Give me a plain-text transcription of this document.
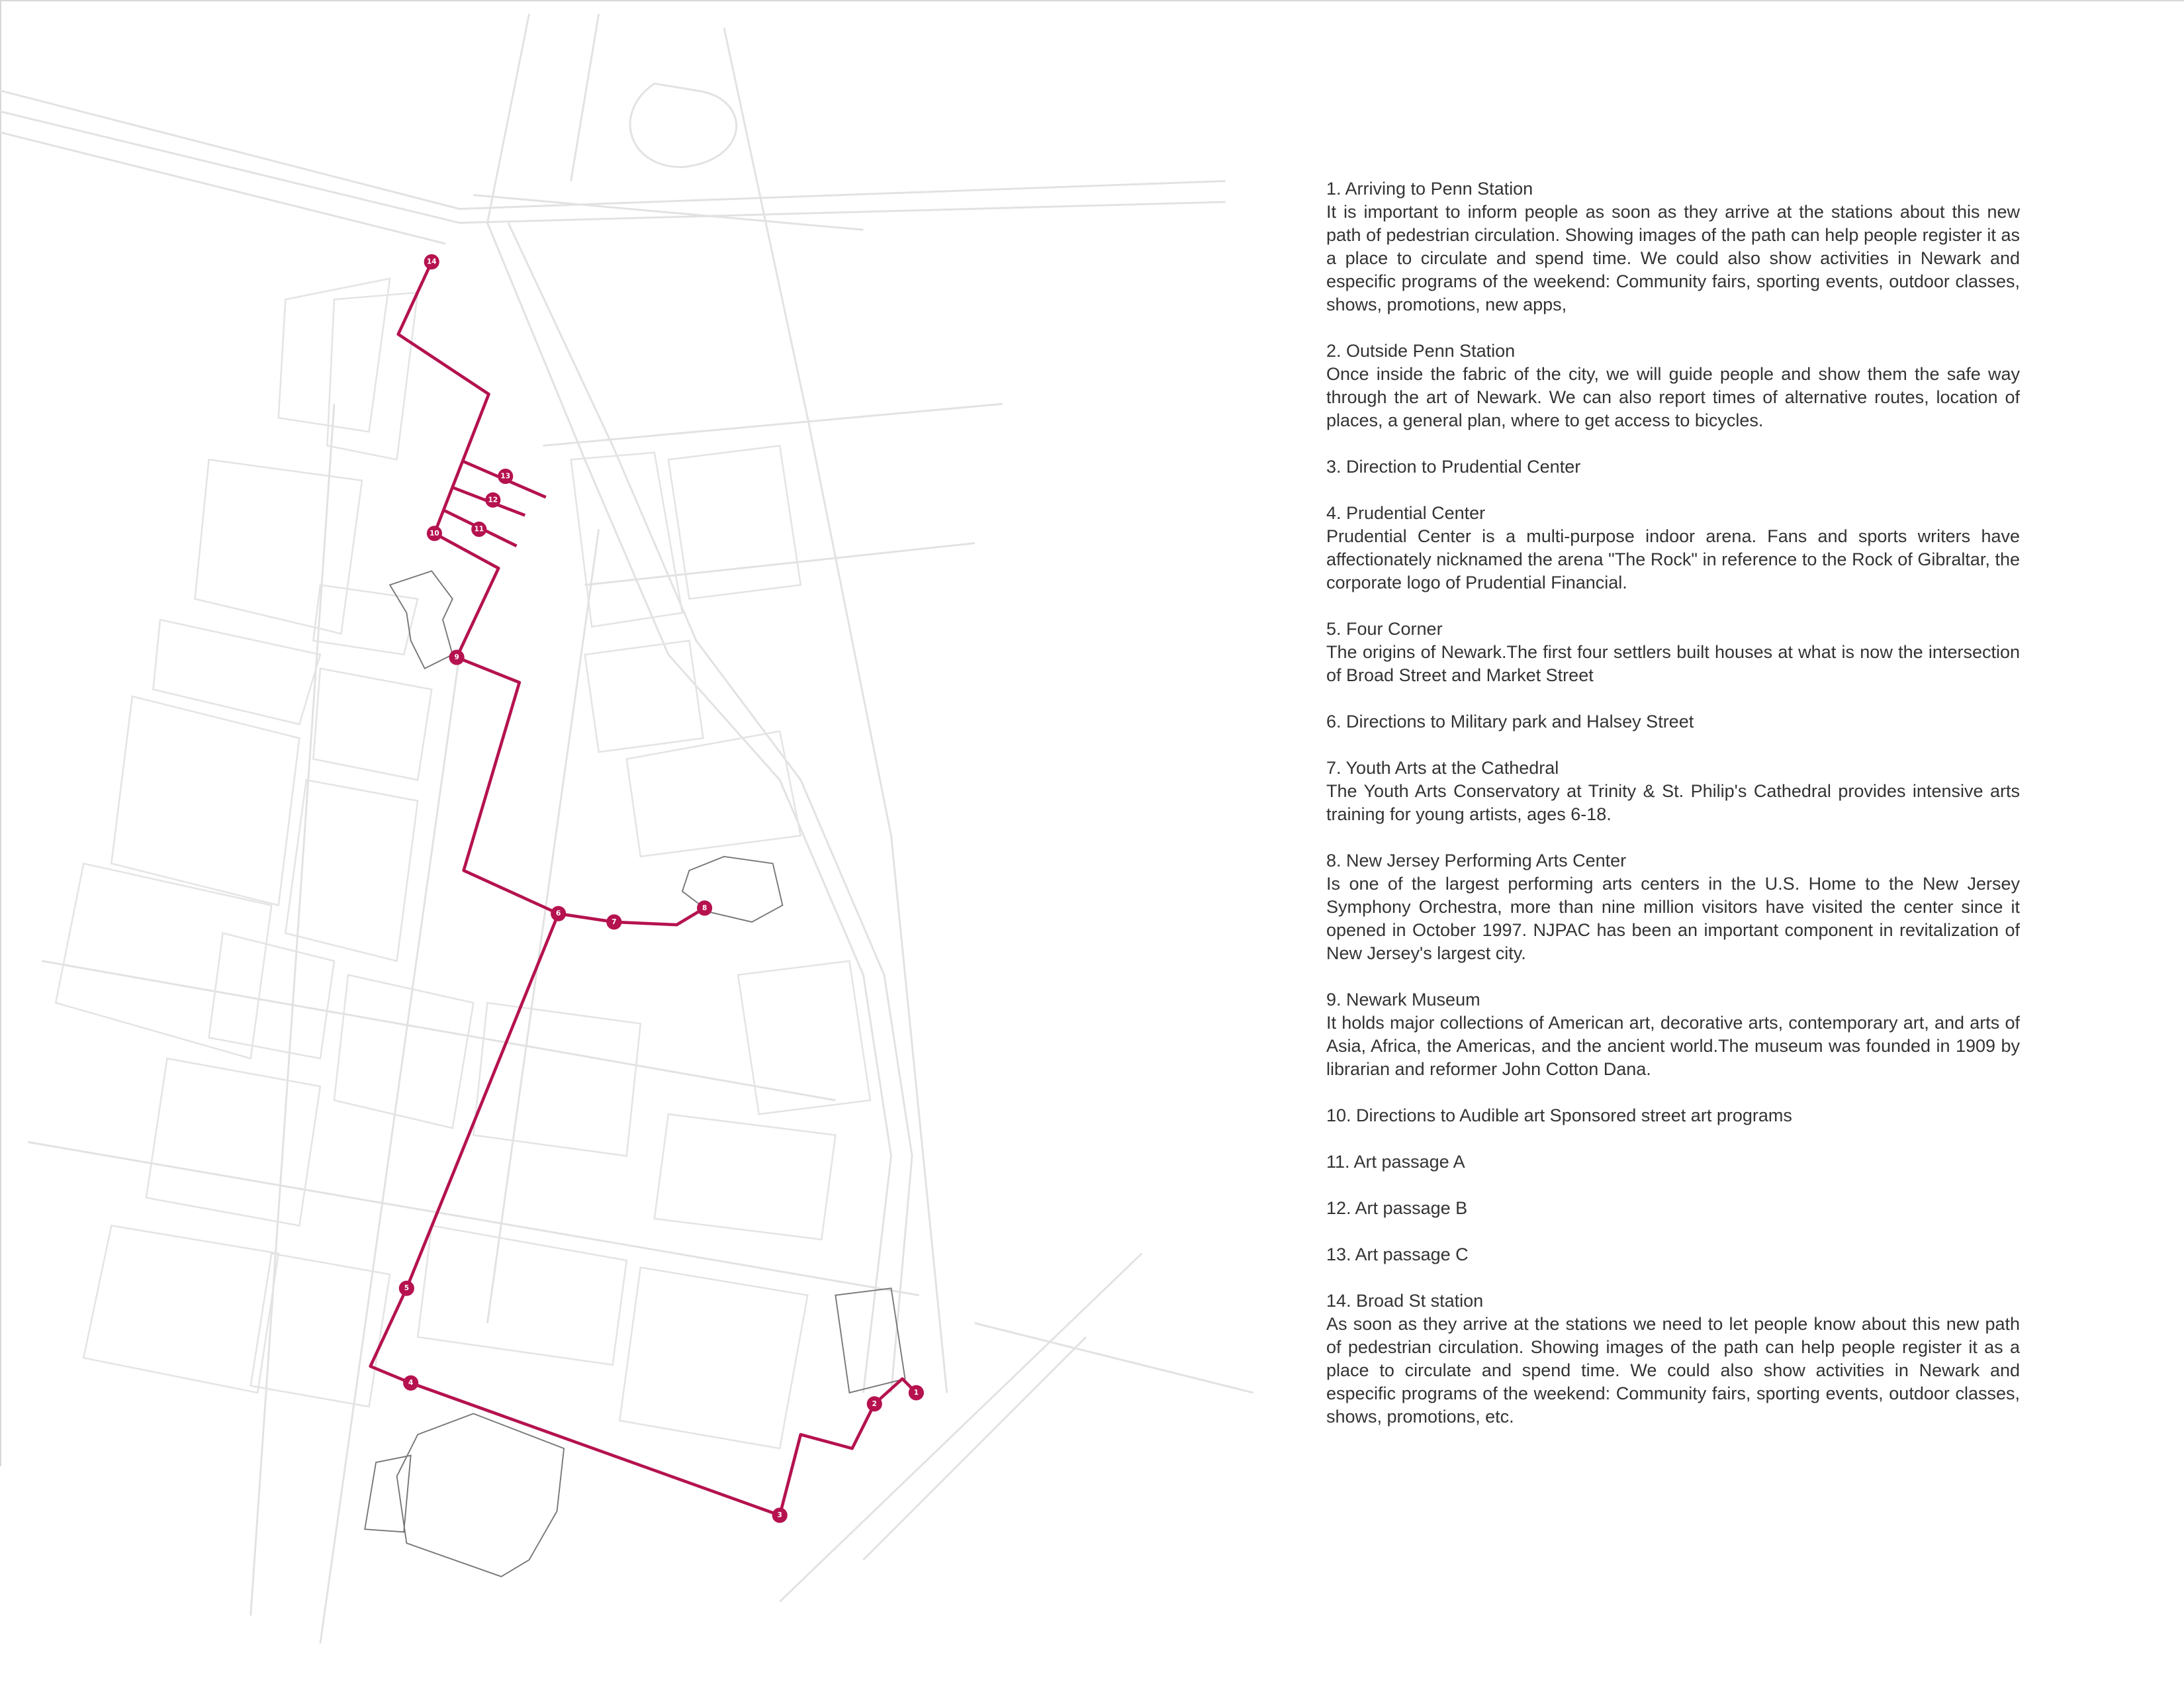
1
2
3
4
5
6
7
8
9
10
11
12
13
14
1. Arriving to Penn Station
It is important to inform people as soon as they arrive at the stations about this new path of pedestrian circulation. Showing images of the path can help people register it as a place to circulate and spend time. We could also show activities in Newark and especific programs of the weekend: Community fairs, sporting events, outdoor classes, shows, promotions, new apps,
2. Outside Penn Station
Once inside the fabric of the city, we will guide people and show them the safe way through the art of Newark. We can also report times of alternative routes, location of places, a general plan, where to get access to bicycles.
3. Direction to Prudential Center
4. Prudential Center
Prudential Center is a multi-purpose indoor arena. Fans and sports writers have affectionately nicknamed the arena "The Rock" in reference to the Rock of Gibraltar, the corporate logo of Prudential Financial.
5. Four Corner
The origins of Newark.The first four settlers built houses at what is now the intersection of Broad Street and Market Street
6. Directions to Military park and Halsey Street
7. Youth Arts at the Cathedral
The Youth Arts Conservatory at Trinity & St. Philip's Cathedral provides intensive arts training for young artists, ages 6-18.
8. New Jersey Performing Arts Center
Is one of the largest performing arts centers in the U.S. Home to the New Jersey Symphony Orchestra, more than nine million visitors have visited the center since it opened in October 1997. NJPAC has been an important component in revitalization of New Jersey's largest city.
9. Newark Museum
It holds major collections of American art, decorative arts, contemporary art, and arts of Asia, Africa, the Americas, and the ancient world.The museum was founded in 1909 by librarian and reformer John Cotton Dana.
10. Directions to Audible art Sponsored street art programs
11. Art passage A
12. Art passage B
13. Art passage C
14. Broad St station
As soon as they arrive at the stations we need to let people know about this new path of pedestrian circulation. Showing images of the path can help people register it as a place to circulate and spend time. We could also show activities in Newark and especific programs of the weekend: Community fairs, sporting events, outdoor classes, shows, promotions, etc.
